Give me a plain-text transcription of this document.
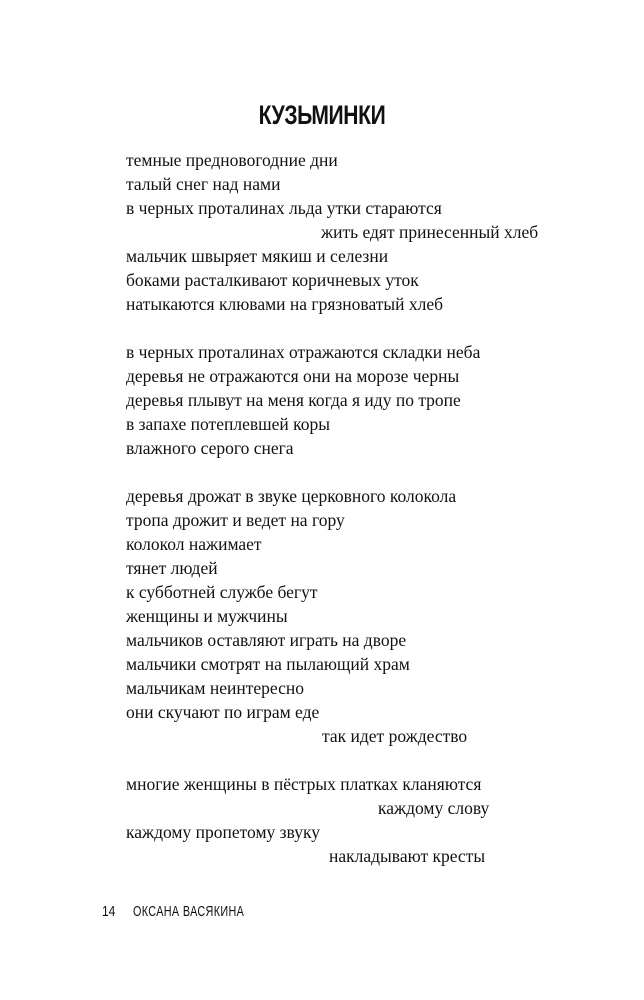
КУЗЬМИНКИ
темные предновогодние дни
талый снег над нами
в черных проталинах льда утки стараются
жить едят принесенный хлеб
мальчик швыряет мякиш и селезни
боками расталкивают коричневых уток
натыкаются клювами на грязноватый хлеб
в черных проталинах отражаются складки неба
деревья не отражаются они на морозе черны
деревья плывут на меня когда я иду по тропе
в запахе потеплевшей коры
влажного серого снега
деревья дрожат в звуке церковного колокола
тропа дрожит и ведет на гору
колокол нажимает
тянет людей
к субботней службе бегут
женщины и мужчины
мальчиков оставляют играть на дворе
мальчики смотрят на пылающий храм
мальчикам неинтересно
они скучают по играм еде
так идет рождество
многие женщины в пёстрых платках кланяются
каждому слову
каждому пропетому звуку
накладывают кресты
14 ОКСАНА ВАСЯКИНА
